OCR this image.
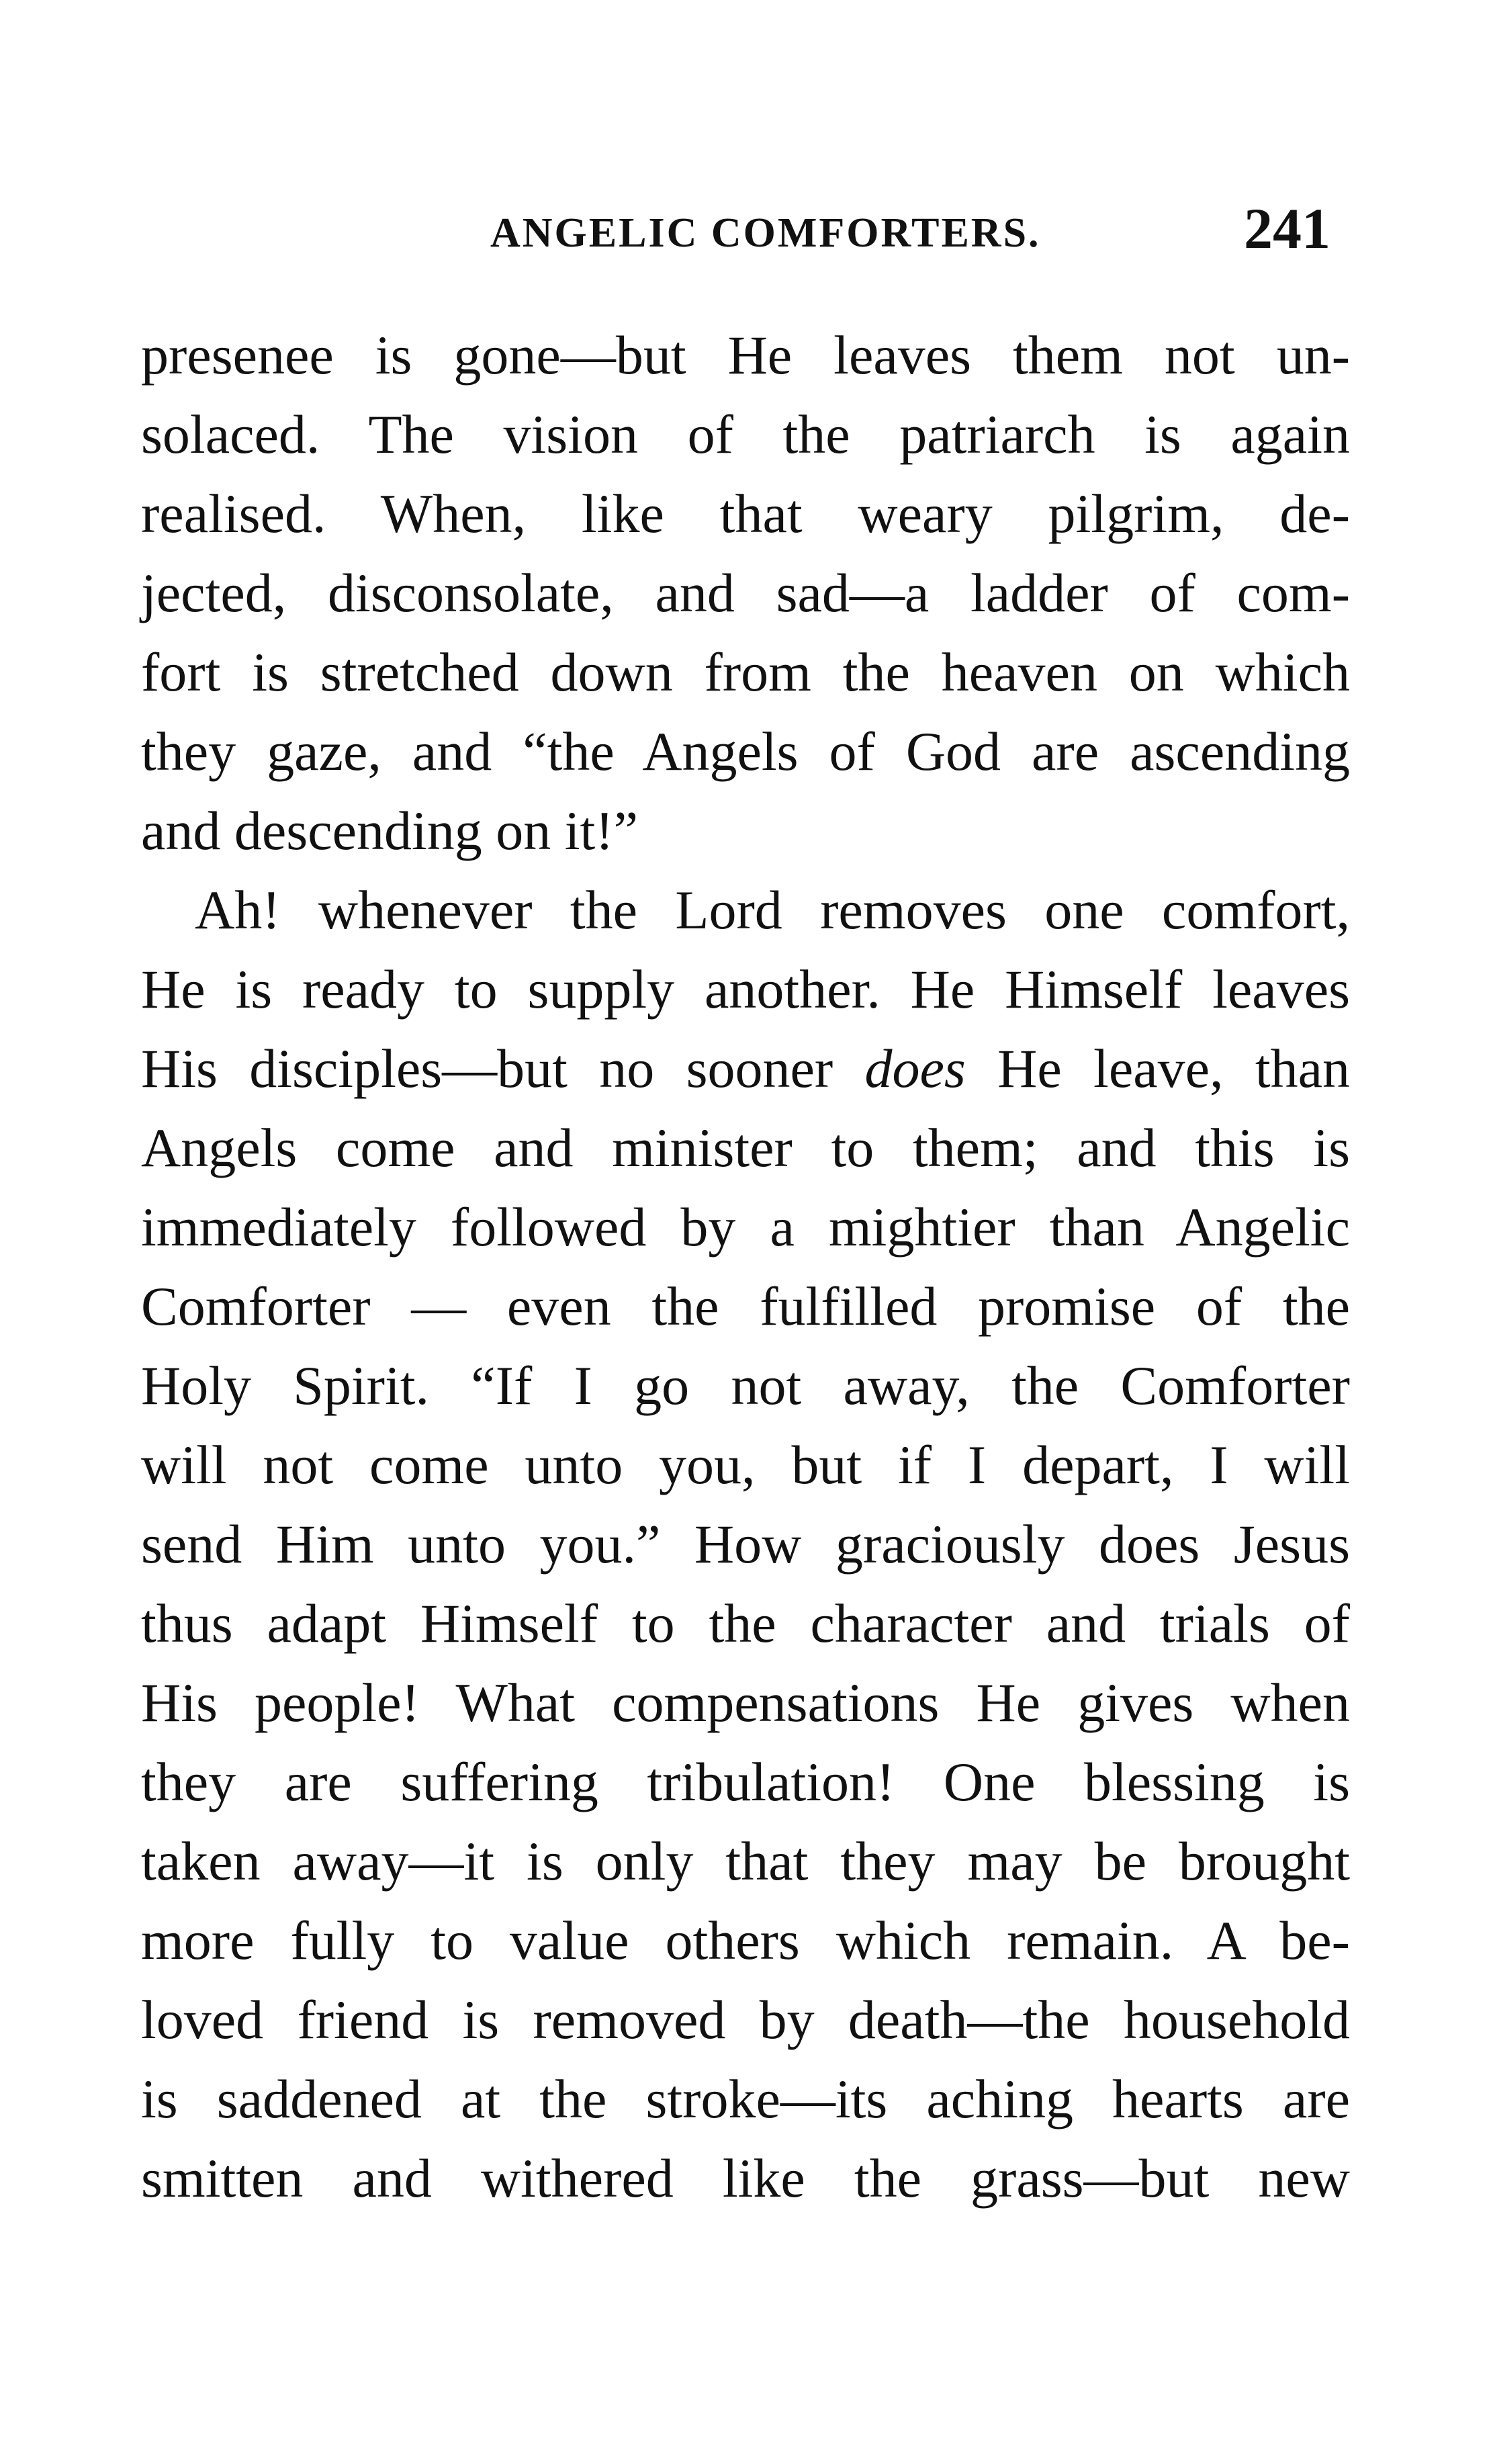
ANGELIC COMFORTERS.	241
presenee is gone—but He leaves them not un-
solaced. The vision of the patriarch is again
realised. When, like that weary pilgrim, de-
jected, disconsolate, and sad—a ladder of com-
fort is stretched down from the heaven on which
they gaze, and “the Angels of God are ascending
and descending on it!”
Ah! whenever the Lord removes one comfort,
He is ready to supply another. He Himself leaves
His disciples—but no sooner does He leave, than
Angels come and minister to them; and this is
immediately followed by a mightier than Angelic
Comforter — even the fulfilled promise of the
Holy Spirit. “If I go not away, the Comforter
will not come unto you, but if I depart, I will
send Him unto you.” How graciously does Jesus
thus adapt Himself to the character and trials of
His people! What compensations He gives when
they are suffering tribulation! One blessing is
taken away—it is only that they may be brought
more fully to value others which remain. A be-
loved friend is removed by death—the household
is saddened at the stroke—its aching hearts are
smitten and withered like the grass—but new
